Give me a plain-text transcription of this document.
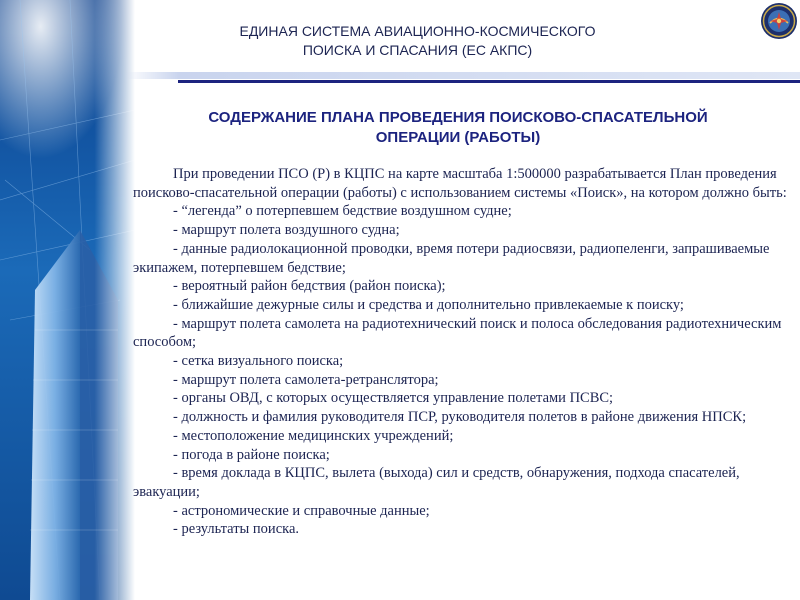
ЕДИНАЯ СИСТЕМА АВИАЦИОННО-КОСМИЧЕСКОГО
ПОИСКА И СПАСАНИЯ (ЕС АКПС)
СОДЕРЖАНИЕ ПЛАНА ПРОВЕДЕНИЯ ПОИСКОВО-СПАСАТЕЛЬНОЙ
ОПЕРАЦИИ (РАБОТЫ)

При проведении ПСО (Р) в КЦПС на карте масштаба 1:500000 разрабатывается План проведения поисково-спасательной операции (работы) с использованием системы «Поиск», на котором должно быть:

- “легенда” о потерпевшем бедствие воздушном судне;

- маршрут полета воздушного судна;

- данные радиолокационной проводки, время потери радиосвязи, радиопеленги, запрашиваемые экипажем, потерпевшем бедствие;

- вероятный район бедствия (район поиска);

- ближайшие дежурные силы и средства и дополнительно привлекаемые к поиску;

- маршрут полета самолета на радиотехнический поиск и полоса обследования радиотехническим способом;

- сетка визуального поиска;

- маршрут полета самолета-ретранслятора;

- органы ОВД, с которых осуществляется управление полетами ПСВС;

- должность и фамилия руководителя ПСР, руководителя полетов в районе движения НПСК;

- местоположение медицинских учреждений;

- погода в районе поиска;

- время доклада в КЦПС, вылета (выхода) сил и средств, обнаружения, подхода спасателей, эвакуации;

- астрономические и справочные данные;

- результаты поиска.
